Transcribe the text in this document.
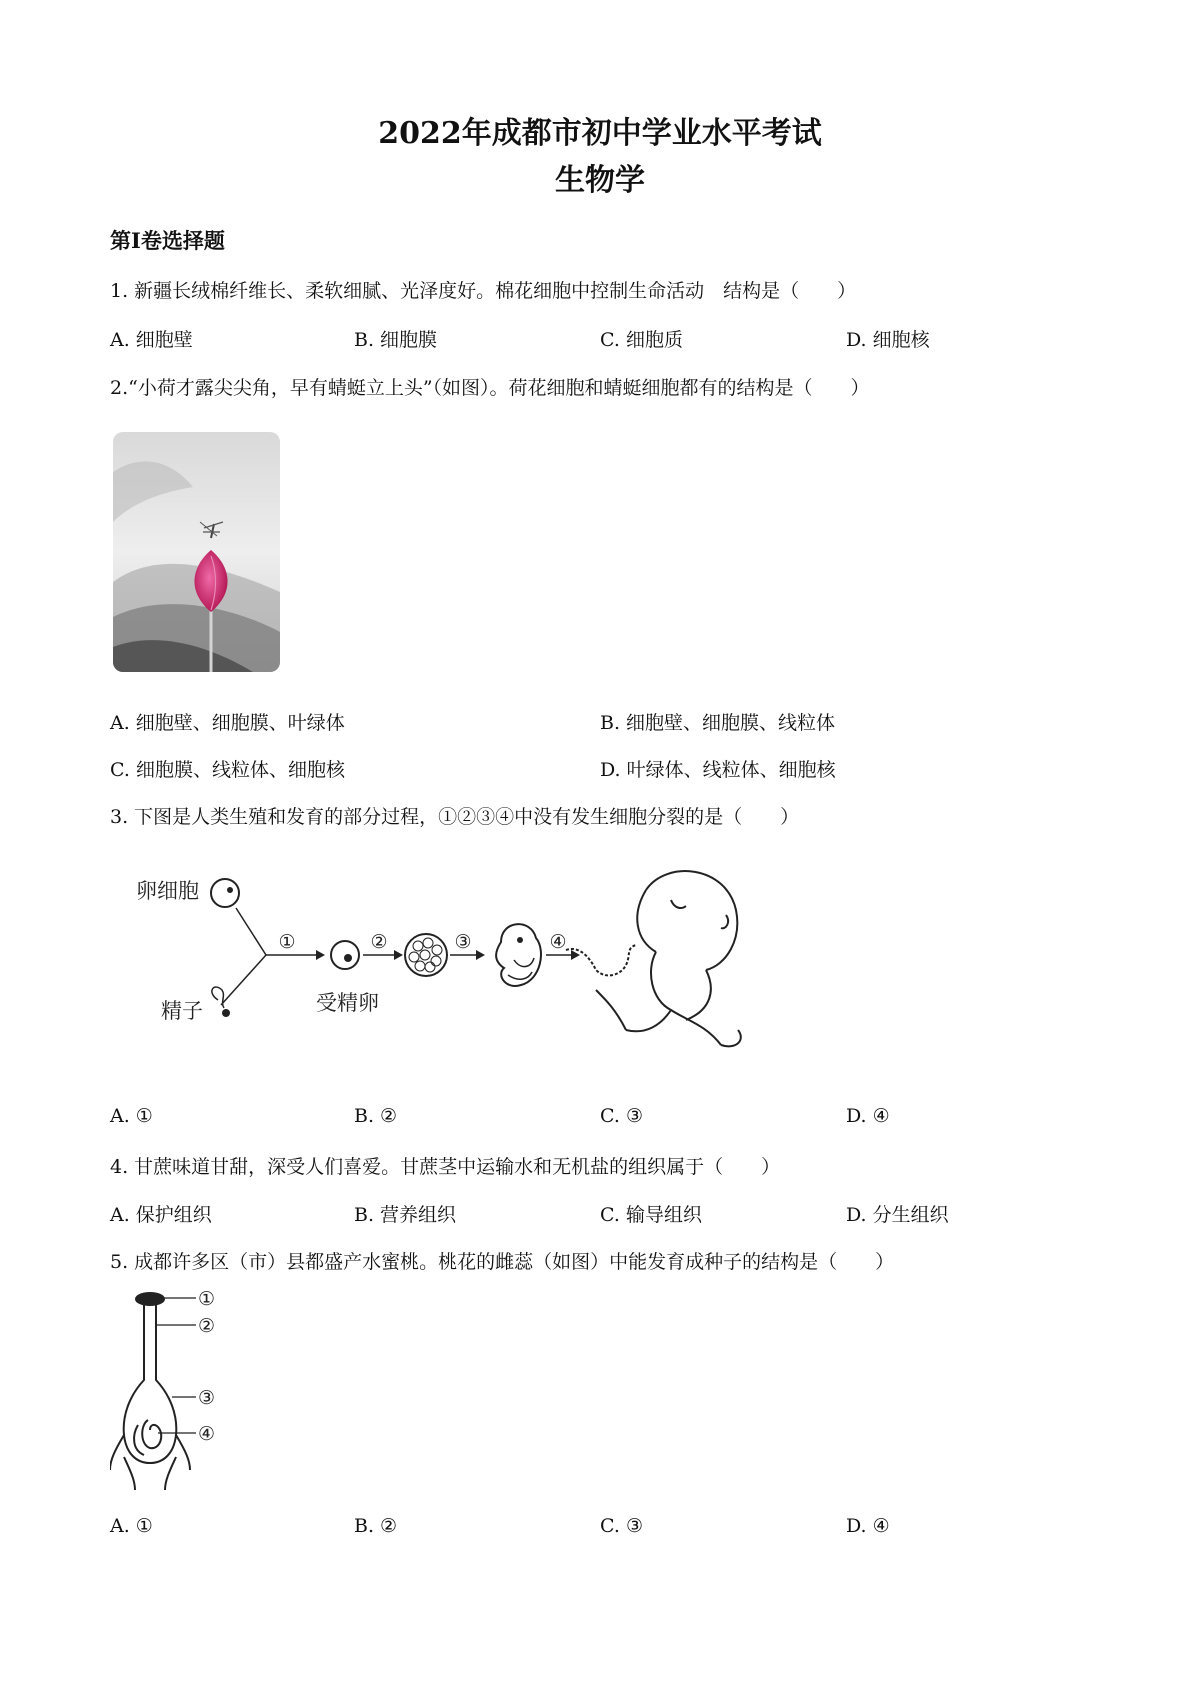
2022年成都市初中学业水平考试
生物学
第Ⅰ卷选择题
1. 新疆长绒棉纤维长、柔软细腻、光泽度好。棉花细胞中控制生命活动　结构是（　　）
A. 细胞壁	B. 细胞膜	C. 细胞质	D. 细胞核
2.“小荷才露尖尖角，早有蜻蜓立上头”（如图）。荷花细胞和蜻蜓细胞都有的结构是（　　）
A. 细胞壁、细胞膜、叶绿体	B. 细胞壁、细胞膜、线粒体
C. 细胞膜、线粒体、细胞核	D. 叶绿体、线粒体、细胞核
3. 下图是人类生殖和发育的部分过程，①②③④中没有发生细胞分裂的是（　　）
卵细胞
精子
①
受精卵
②	③	④
A. ①	B. ②	C. ③	D. ④
4. 甘蔗味道甘甜，深受人们喜爱。甘蔗茎中运输水和无机盐的组织属于（　　）
A. 保护组织	B. 营养组织	C. 输导组织	D. 分生组织
5. 成都许多区（市）县都盛产水蜜桃。桃花的雌蕊（如图）中能发育成种子的结构是（　　）
①
②
③
④
A. ①	B. ②	C. ③	D. ④
